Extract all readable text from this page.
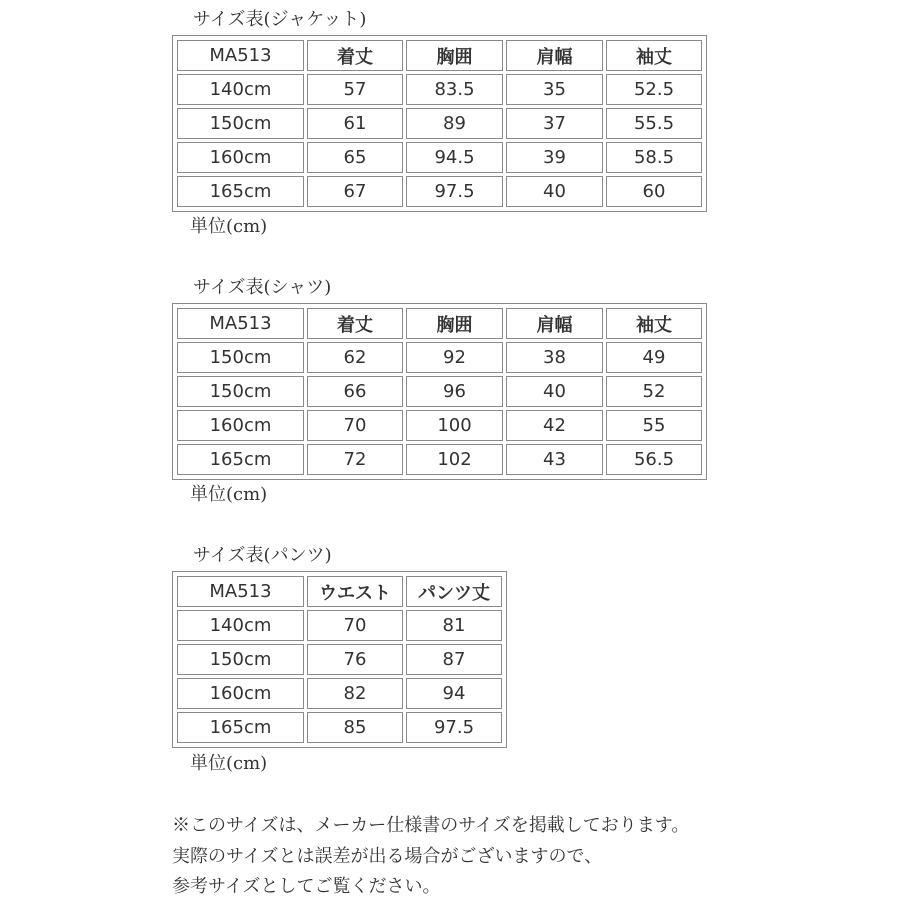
サイズ表(ジャケット)
MA513	着丈	胸囲	肩幅	袖丈
140cm	57	83.5	35	52.5
150cm	61	89	37	55.5
160cm	65	94.5	39	58.5
165cm	67	97.5	40	60
単位(cm)
サイズ表(シャツ)
MA513	着丈	胸囲	肩幅	袖丈
150cm	62	92	38	49
150cm	66	96	40	52
160cm	70	100	42	55
165cm	72	102	43	56.5
単位(cm)
サイズ表(パンツ)
MA513	ウエスト	パンツ丈
140cm	70	81
150cm	76	87
160cm	82	94
165cm	85	97.5
単位(cm)
※このサイズは、メーカー仕様書のサイズを掲載しております。
実際のサイズとは誤差が出る場合がございますので、
参考サイズとしてご覧ください。
